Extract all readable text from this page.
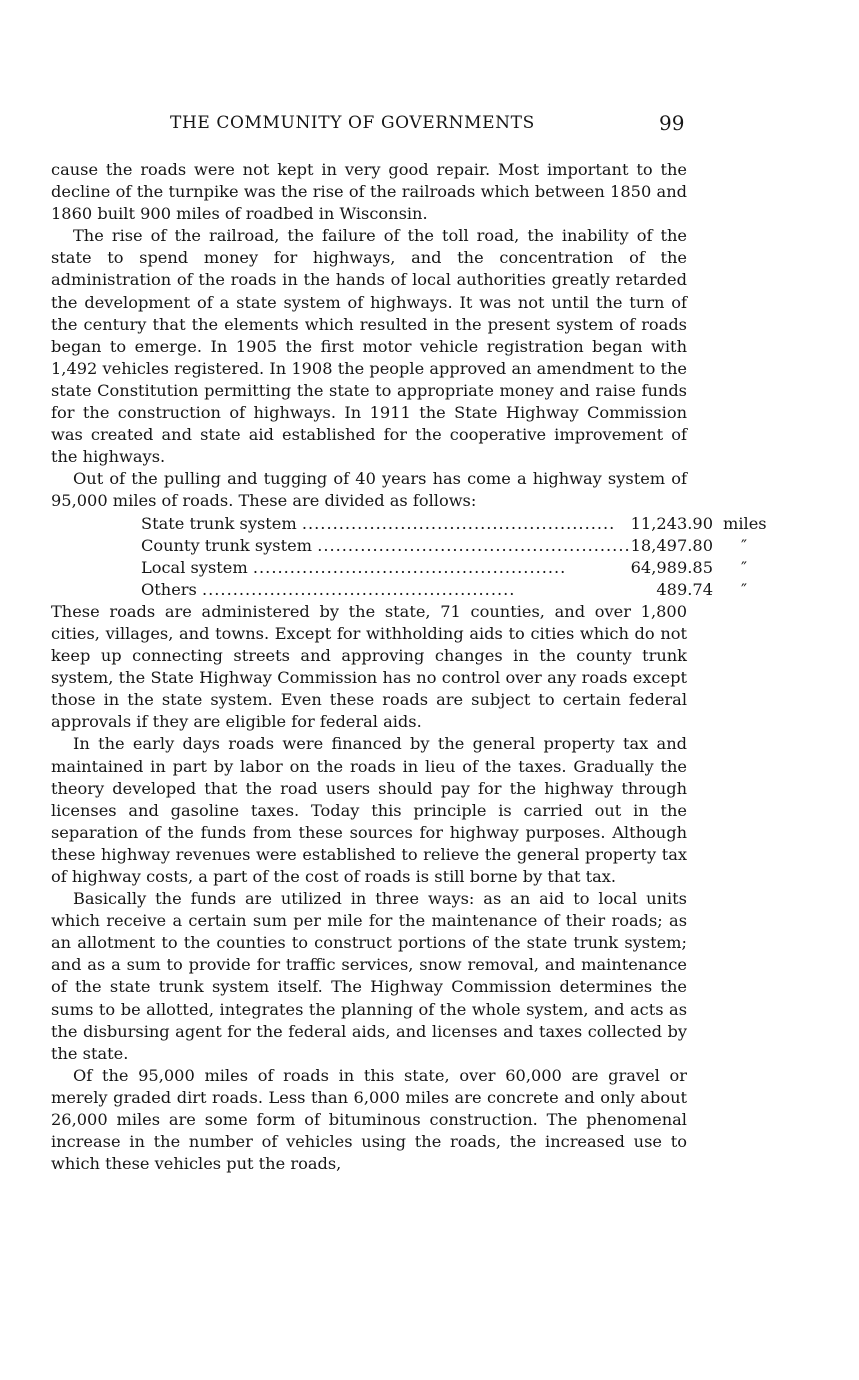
THE COMMUNITY OF GOVERNMENTS	99

cause the roads were not kept in very good repair. Most important to the decline of the turnpike was the rise of the railroads which between 1850 and 1860 built 900 miles of roadbed in Wisconsin.

The rise of the railroad, the failure of the toll road, the inability of the state to spend money for highways, and the concentration of the administration of the roads in the hands of local authorities greatly retarded the development of a state system of highways. It was not until the turn of the century that the elements which resulted in the present system of roads began to emerge. In 1905 the first motor vehicle registration began with 1,492 vehicles registered. In 1908 the people approved an amendment to the state Constitution permitting the state to appropriate money and raise funds for the construction of highways. In 1911 the State Highway Commission was created and state aid established for the cooperative improvement of the highways.

Out of the pulling and tugging of 40 years has come a highway system of 95,000 miles of roads. These are divided as follows:

State trunk system ...................................................	11,243.90	miles
County trunk system ...................................................	18,497.80	″
Local system ...................................................	64,989.85	″
Others ...................................................	489.74	″

These roads are administered by the state, 71 counties, and over 1,800 cities, villages, and towns. Except for withholding aids to cities which do not keep up connecting streets and approving changes in the county trunk system, the State Highway Commission has no control over any roads except those in the state system. Even these roads are subject to certain federal approvals if they are eligible for federal aids.

In the early days roads were financed by the general property tax and maintained in part by labor on the roads in lieu of the taxes. Gradually the theory developed that the road users should pay for the highway through licenses and gasoline taxes. Today this principle is carried out in the separation of the funds from these sources for highway purposes. Although these highway revenues were established to relieve the general property tax of highway costs, a part of the cost of roads is still borne by that tax.

Basically the funds are utilized in three ways: as an aid to local units which receive a certain sum per mile for the maintenance of their roads; as an allotment to the counties to construct portions of the state trunk system; and as a sum to provide for traffic services, snow removal, and maintenance of the state trunk system itself. The Highway Commission determines the sums to be allotted, integrates the planning of the whole system, and acts as the disbursing agent for the federal aids, and licenses and taxes collected by the state.

Of the 95,000 miles of roads in this state, over 60,000 are gravel or merely graded dirt roads. Less than 6,000 miles are concrete and only about 26,000 miles are some form of bituminous construction. The phenomenal increase in the number of vehicles using the roads, the increased use to which these vehicles put the roads,
